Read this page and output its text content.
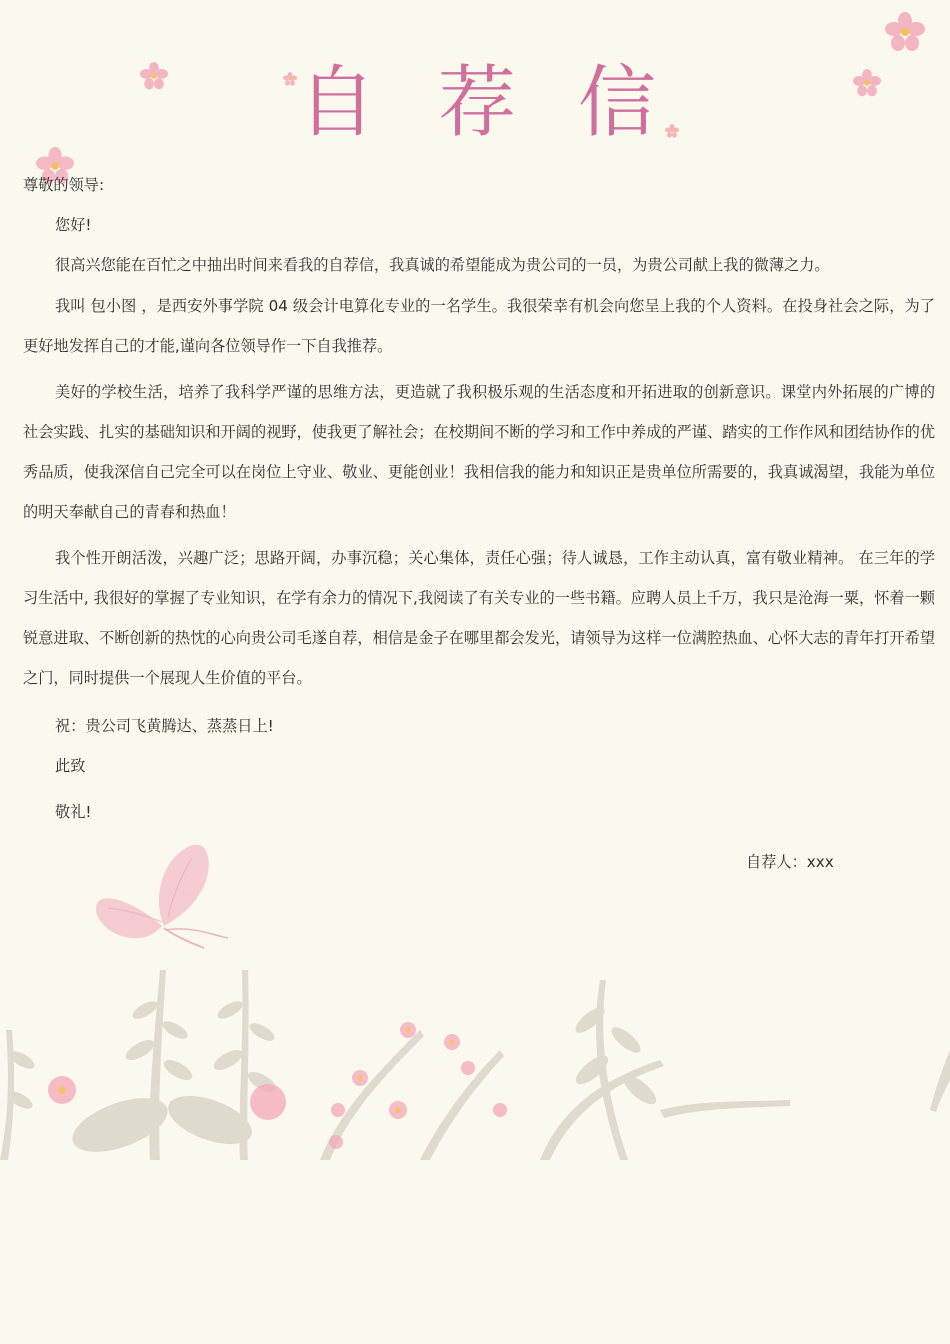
自 荐 信
尊敬的领导:
您好!
很高兴您能在百忙之中抽出时间来看我的自荐信，我真诚的希望能成为贵公司的一员，为贵公司献上我的微薄之力。
我叫 包小图 ，是西安外事学院 04 级会计电算化专业的一名学生。我很荣幸有机会向您呈上我的个人资料。在投身社会之际，为了更好地发挥自己的才能,谨向各位领导作一下自我推荐。
美好的学校生活，培养了我科学严谨的思维方法，更造就了我积极乐观的生活态度和开拓进取的创新意识。课堂内外拓展的广博的社会实践、扎实的基础知识和开阔的视野，使我更了解社会；在校期间不断的学习和工作中养成的严谨、踏实的工作作风和团结协作的优秀品质，使我深信自己完全可以在岗位上守业、敬业、更能创业！我相信我的能力和知识正是贵单位所需要的，我真诚渴望，我能为单位的明天奉献自己的青春和热血！
我个性开朗活泼，兴趣广泛；思路开阔，办事沉稳；关心集体，责任心强；待人诚恳，工作主动认真，富有敬业精神。 在三年的学习生活中, 我很好的掌握了专业知识，在学有余力的情况下,我阅读了有关专业的一些书籍。应聘人员上千万，我只是沧海一粟，怀着一颗锐意进取、不断创新的热忱的心向贵公司毛遂自荐，相信是金子在哪里都会发光，请领导为这样一位满腔热血、心怀大志的青年打开希望之门，同时提供一个展现人生价值的平台。
祝：贵公司飞黄腾达、蒸蒸日上!
此致
敬礼!
自荐人：xxx
